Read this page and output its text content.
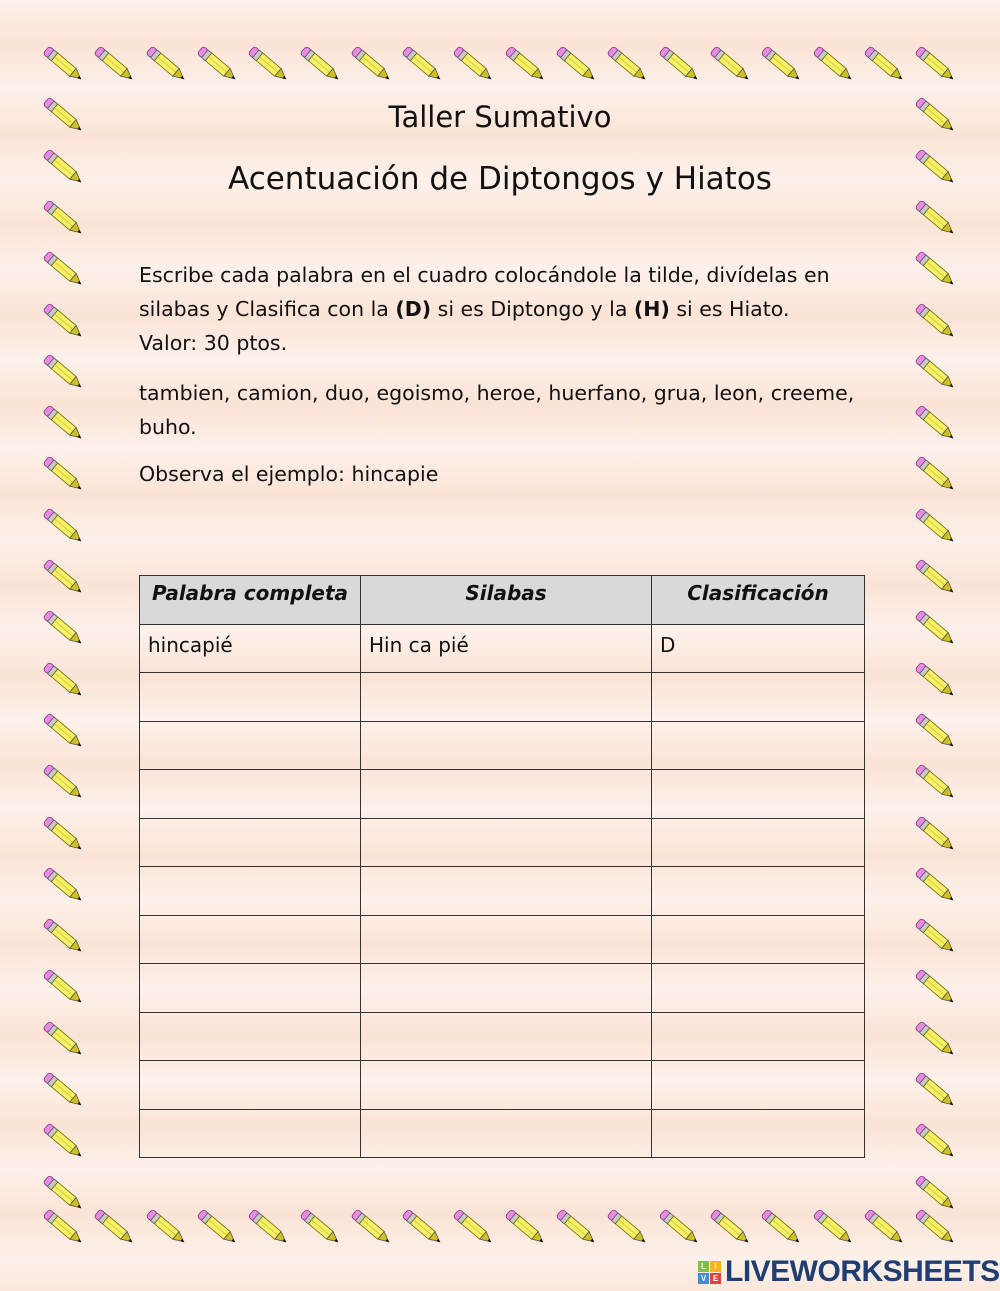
Taller Sumativo
Acentuación de Diptongos y Hiatos
Escribe cada palabra en el cuadro colocándole la tilde, divídelas en
silabas y Clasifica con la (D) si es Diptongo y la (H) si es Hiato.
Valor: 30 ptos.
tambien, camion, duo, egoismo, heroe, huerfano, grua, leon, creeme, buho.
Observa el ejemplo: hincapie
Palabra completa	Silabas	Clasificación
hincapié	Hin ca pié	D

L	I
V E LIVEWORKSHEETS
